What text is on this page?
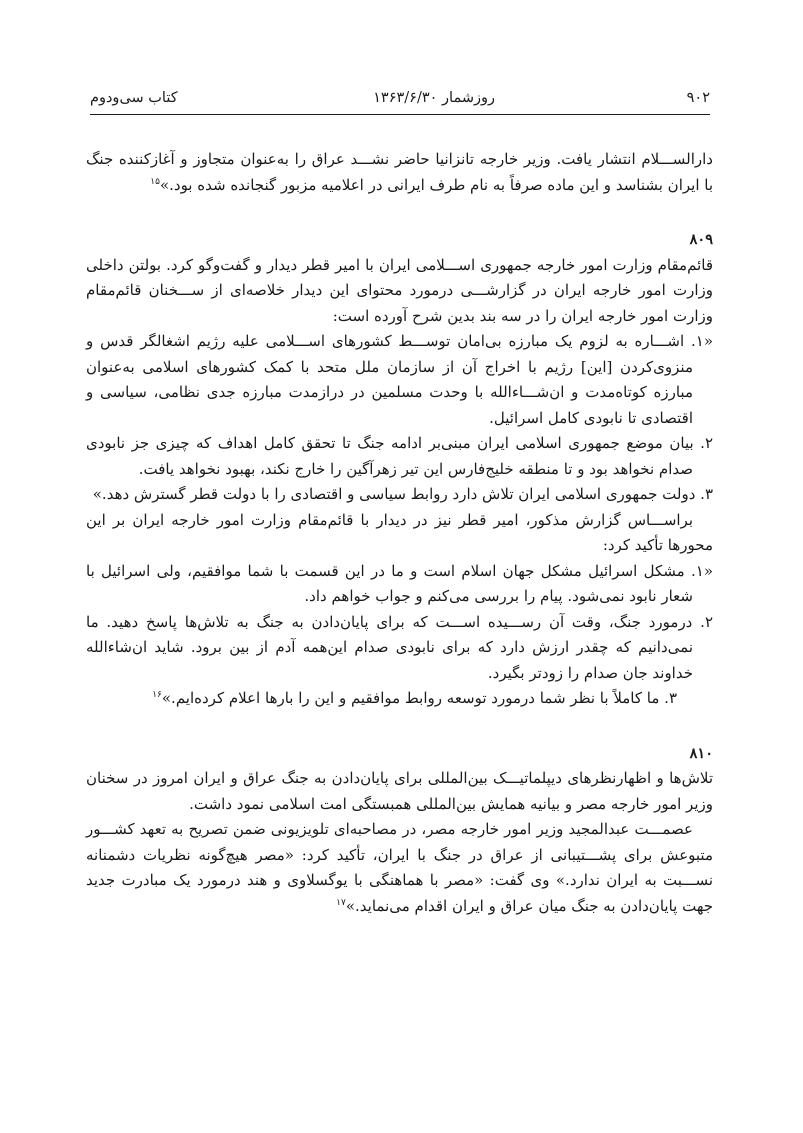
۹۰۲
روزشمار ۱۳۶۳/۶/۳۰
کتاب سی‌ودوم

دارالســـلام انتشار یافت. وزیر خارجه تانزانیا حاضر نشـــد عراق را به‌عنوان متجاوز و آغازکننده جنگ با ایران بشناسد و این ماده صرفاً به نام طرف ایرانی در اعلامیه مزبور گنجانده شده بود.»$^{۱۵}$

۸۰۹

قائم‌مقام وزارت امور خارجه جمهوری اســـلامی ایران با امیر قطر دیدار و گفت‌وگو کرد. بولتن داخلی وزارت امور خارجه ایران در گزارشـــی درمورد محتوای این دیدار خلاصه‌ای از ســـخنان قائم‌مقام وزارت امور خارجه ایران را در سه بند بدین شرح آورده است:

«۱. اشـــاره به لزوم یک مبارزه بی‌امان توســـط کشورهای اســـلامی علیه رژیم اشغالگر قدس و منزوی‌کردن [این] رژیم با اخراج آن از سازمان ملل متحد با کمک کشورهای اسلامی به‌عنوان مبارزه کوتاه‌مدت و ان‌شـــاءالله با وحدت مسلمین در درازمدت مبارزه جدی نظامی، سیاسی و اقتصادی تا نابودی کامل اسرائیل.

۲. بیان موضع جمهوری اسلامی ایران مبنی‌بر ادامه جنگ تا تحقق کامل اهداف که چیزی جز نابودی صدام نخواهد بود و تا منطقه خلیج‌فارس این تیر زهرآگین را خارج نکند، بهبود نخواهد یافت.

۳. دولت جمهوری اسلامی ایران تلاش دارد روابط سیاسی و اقتصادی را با دولت قطر گسترش دهد.»

براســـاس گزارش مذکور، امیر قطر نیز در دیدار با قائم‌مقام وزارت امور خارجه ایران بر این محورها تأکید کرد:

«۱. مشکل اسرائیل مشکل جهان اسلام است و ما در این قسمت با شما موافقیم، ولی اسرائیل با شعار نابود نمی‌شود. پیام را بررسی می‌کنم و جواب خواهم داد.

۲. درمورد جنگ، وقت آن رســـیده اســـت که برای پایان‌دادن به جنگ به تلاش‌ها پاسخ دهید. ما نمی‌دانیم که چقدر ارزش دارد که برای نابودی صدام این‌همه آدم از بین برود. شاید ان‌شاءالله خداوند جان صدام را زودتر بگیرد.

۳. ما کاملاً با نظر شما درمورد توسعه روابط موافقیم و این را بارها اعلام کرده‌ایم.»$^{۱۶}$

۸۱۰

تلاش‌ها و اظهارنظرهای دیپلماتیـــک بین‌المللی برای پایان‌دادن به جنگ عراق و ایران امروز در سخنان وزیر امور خارجه مصر و بیانیه همایش بین‌المللی همبستگی امت اسلامی نمود داشت.

عصمـــت عبدالمجید وزیر امور خارجه مصر، در مصاحبه‌ای تلویزیونی ضمن تصریح به تعهد کشـــور متبوعش برای پشـــتیبانی از عراق در جنگ با ایران، تأکید کرد: «مصر هیچ‌گونه نظریات دشمنانه نســـبت به ایران ندارد.» وی گفت: «مصر با هماهنگی با یوگسلاوی و هند درمورد یک مبادرت جدید جهت پایان‌دادن به جنگ میان عراق و ایران اقدام می‌نماید.»$^{۱۷}$
